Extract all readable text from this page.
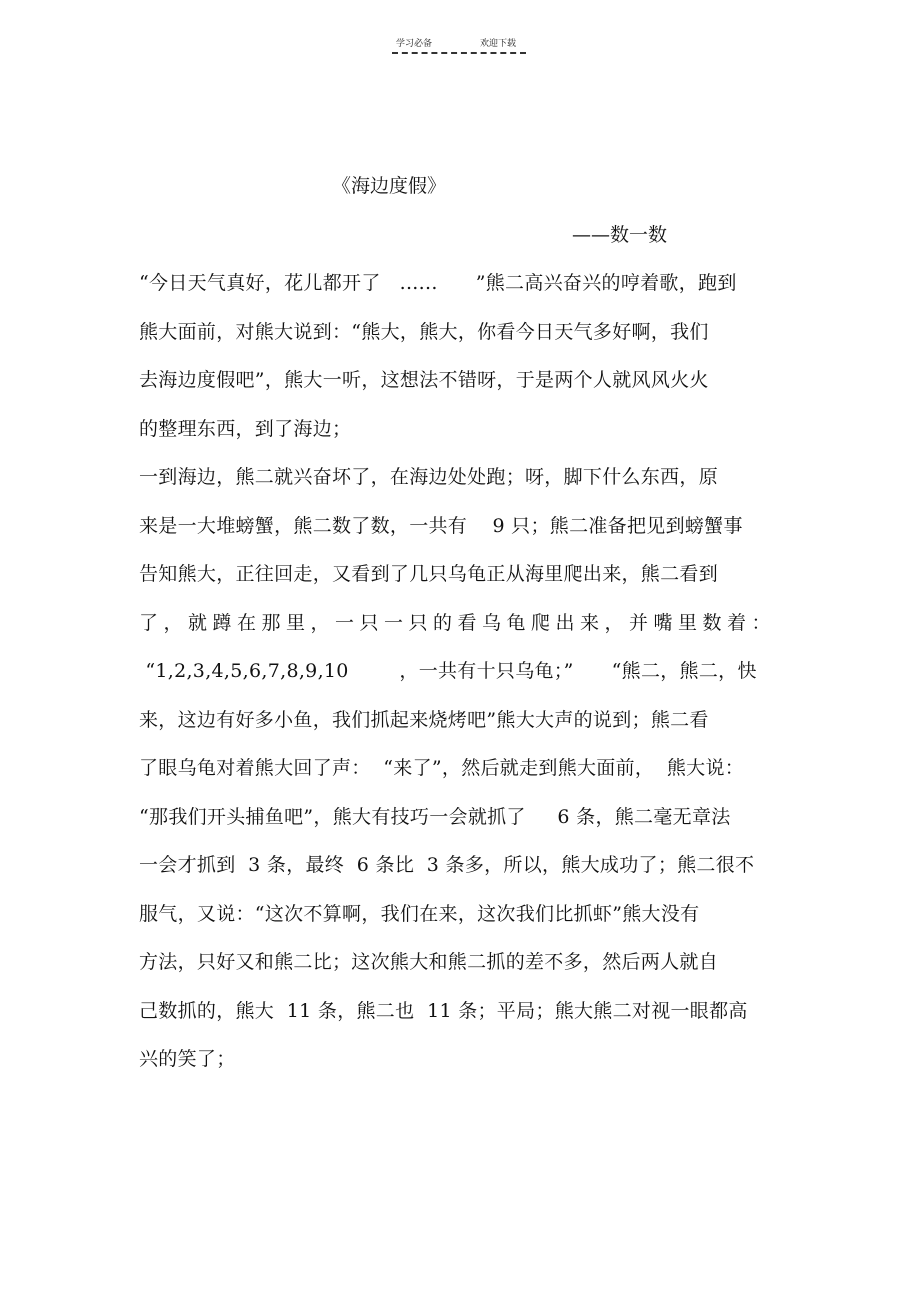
学习必备	欢迎下载
《海边度假》
——数一数
“今日天气真好，花儿都开了   ......      ”熊二高兴奋兴的哼着歌，跑到
熊大面前，对熊大说到：“熊大，熊大，你看今日天气多好啊，我们
去海边度假吧”，熊大一听，这想法不错呀，于是两个人就风风火火
的整理东西，到了海边；
一到海边，熊二就兴奋坏了，在海边处处跑；呀，脚下什么东西，原
来是一大堆螃蟹，熊二数了数，一共有    9 只；熊二准备把见到螃蟹事
告知熊大，正往回走，又看到了几只乌龟正从海里爬出来，熊二看到
了，就蹲在那里，一只一只的看乌龟爬出来，并嘴里数着：
“1,2,3,4,5,6,7,8,9,10        ，一共有十只乌龟；”      “熊二，熊二，快
来，这边有好多小鱼，我们抓起来烧烤吧”熊大大声的说到；熊二看
了眼乌龟对着熊大回了声：  “来了”，然后就走到熊大面前，  熊大说：
“那我们开头捕鱼吧”，熊大有技巧一会就抓了     6 条，熊二毫无章法
一会才抓到  3 条，最终  6 条比  3 条多，所以，熊大成功了；熊二很不
服气，又说：“这次不算啊，我们在来，这次我们比抓虾”熊大没有
方法，只好又和熊二比；这次熊大和熊二抓的差不多，然后两人就自
己数抓的，熊大  11 条，熊二也  11 条；平局；熊大熊二对视一眼都高
兴的笑了；
